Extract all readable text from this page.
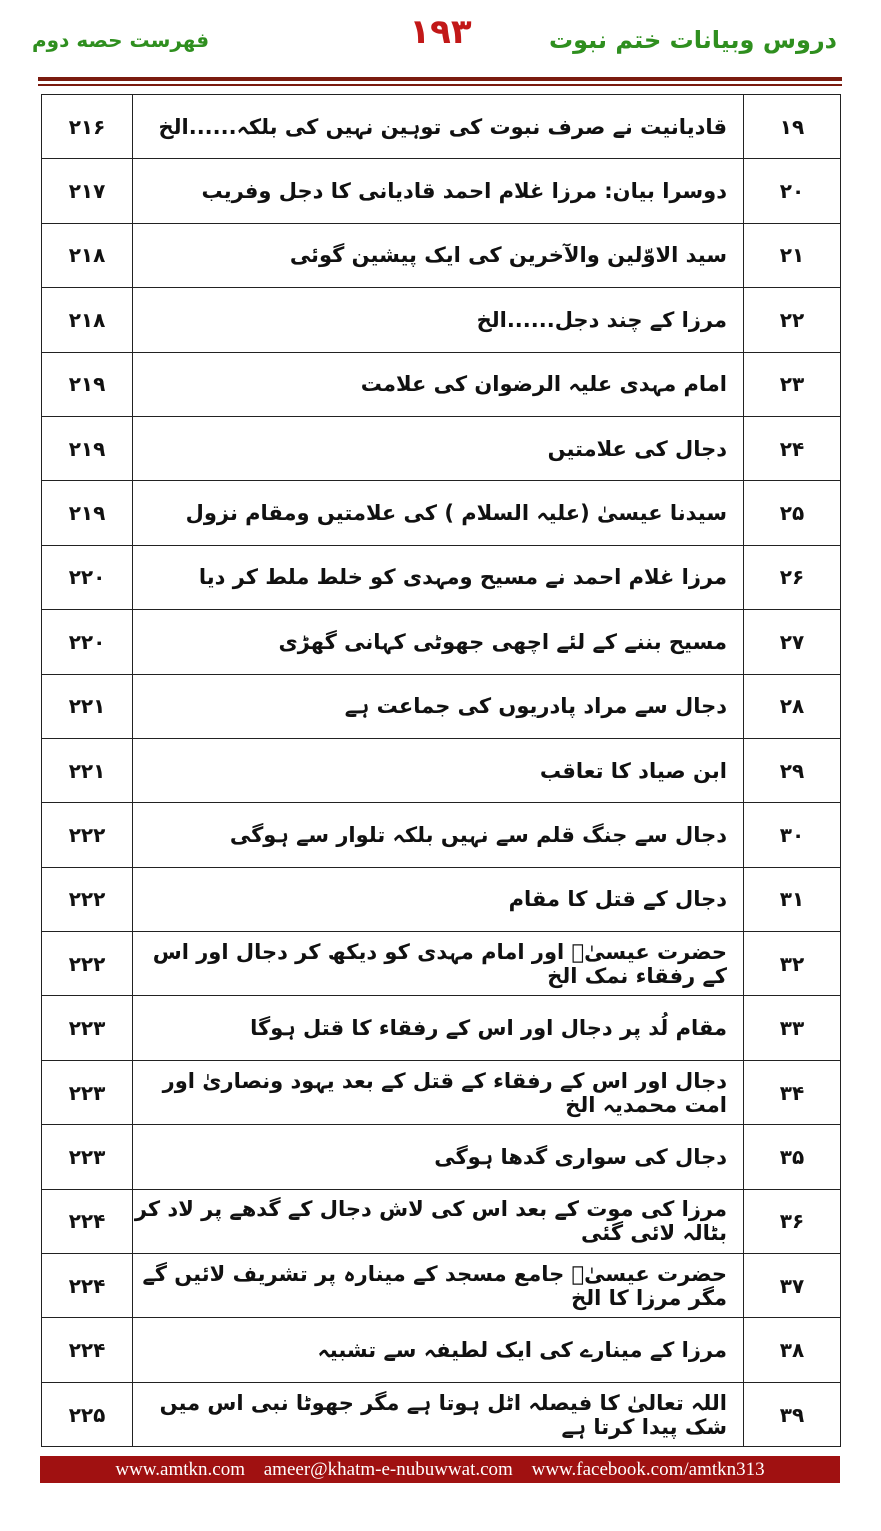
فهرست حصه دوم	۱۹۳	دروس وبیانات ختم نبوت
۲۱۶	قادیانیت نے صرف نبوت کی توہین نہیں کی بلکہ......الخ	۱۹
۲۱۷	دوسرا بیان: مرزا غلام احمد قادیانی کا دجل وفریب	۲۰
۲۱۸	سید الاوّلین والآخرین کی ایک پیشین گوئی	۲۱
۲۱۸	مرزا کے چند دجل......الخ	۲۲
۲۱۹	امام مہدی علیہ الرضوان کی علامت	۲۳
۲۱۹	دجال کی علامتیں	۲۴
۲۱۹	سیدنا عیسیٰ (علیہ السلام ) کی علامتیں ومقام نزول	۲۵
۲۲۰	مرزا غلام احمد نے مسیح ومہدی کو خلط ملط کر دیا	۲۶
۲۲۰	مسیح بننے کے لئے اچھی جھوٹی کہانی گھڑی	۲۷
۲۲۱	دجال سے مراد پادریوں کی جماعت ہے	۲۸
۲۲۱	ابن صیاد کا تعاقب	۲۹
۲۲۲	دجال سے جنگ قلم سے نہیں بلکہ تلوار سے ہوگی	۳۰
۲۲۲	دجال کے قتل کا مقام	۳۱
۲۲۲	حضرت عیسیٰؑ اور امام مہدی کو دیکھ کر دجال اور اس کے رفقاء نمک الخ	۳۲
۲۲۳	مقام لُد پر دجال اور اس کے رفقاء کا قتل ہوگا	۳۳
۲۲۳	دجال اور اس کے رفقاء کے قتل کے بعد یہود ونصاریٰ اور امت محمدیہ الخ	۳۴
۲۲۳	دجال کی سواری گدھا ہوگی	۳۵
۲۲۴	مرزا کی موت کے بعد اس کی لاش دجال کے گدھے پر لاد کر بٹالہ لائی گئی	۳۶
۲۲۴	حضرت عیسیٰؑ جامع مسجد کے مینارہ پر تشریف لائیں گے مگر مرزا کا الخ	۳۷
۲۲۴	مرزا کے مینارے کی ایک لطیفہ سے تشبیہ	۳۸
۲۲۵	اللہ تعالیٰ کا فیصلہ اٹل ہوتا ہے مگر جھوٹا نبی اس میں شک پیدا کرتا ہے	۳۹
www.amtkn.com ameer@khatm-e-nubuwwat.com www.facebook.com/amtkn313
